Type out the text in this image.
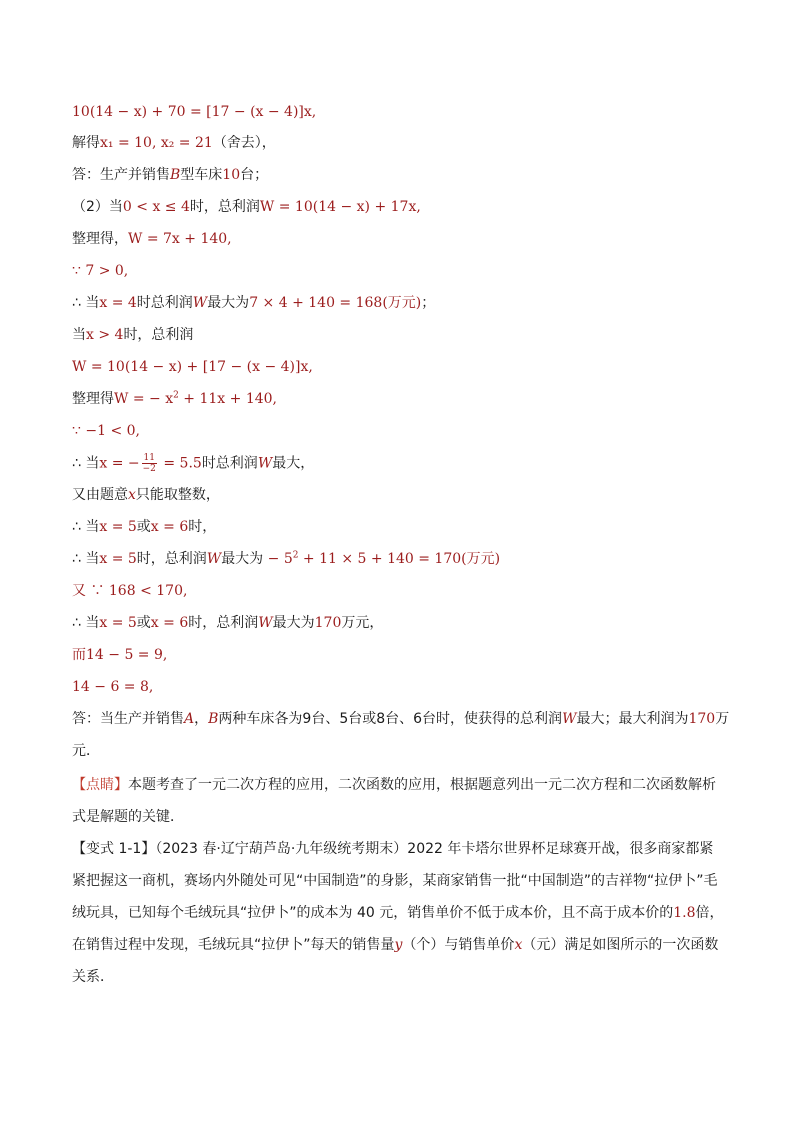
10(14 − x) + 70 = [17 − (x − 4)]x,
解得x₁ = 10, x₂ = 21（舍去），
答：生产并销售B型车床10台；
（2）当0 < x ≤ 4时，总利润W = 10(14 − x) + 17x,
整理得，W = 7x + 140,
∵ 7 > 0,
∴ 当x = 4时总利润W最大为7 × 4 + 140 = 168(万元)；
当x > 4时，总利润
W = 10(14 − x) + [17 − (x − 4)]x,
整理得W = − $x^2 + 11x + 140$,
∵ −1 < 0,
∴ 当x = − $\frac{11}{-2} = 5.5$时总利润W最大，
又由题意x只能取整数，
∴ 当x = 5或x = 6时，
∴ 当x = 5时，总利润W最大为 − $5^2 + 11 \times 5 + 140 = 170$(万元)
又 ∵ 168 < 170,
∴ 当x = 5或x = 6时，总利润W最大为170万元，
而14 − 5 = 9,
14 − 6 = 8,
答：当生产并销售A，B两种车床各为9台、5台或8台、6台时，使获得的总利润W最大；最大利润为170万
元．
【点睛】本题考查了一元二次方程的应用，二次函数的应用，根据题意列出一元二次方程和二次函数解析式是解题的关键．
【变式 1-1】（2023 春·辽宁葫芦岛·九年级统考期末）2022 年卡塔尔世界杯足球赛开战，很多商家都紧紧把握这一商机，赛场内外随处可见“中国制造”的身影，某商家销售一批“中国制造”的吉祥物“拉伊卜”毛绒玩具，已知每个毛绒玩具“拉伊卜”的成本为 40 元，销售单价不低于成本价，且不高于成本价的1.8倍，在销售过程中发现，毛绒玩具“拉伊卜”每天的销售量y（个）与销售单价x（元）满足如图所示的一次函数关系．
